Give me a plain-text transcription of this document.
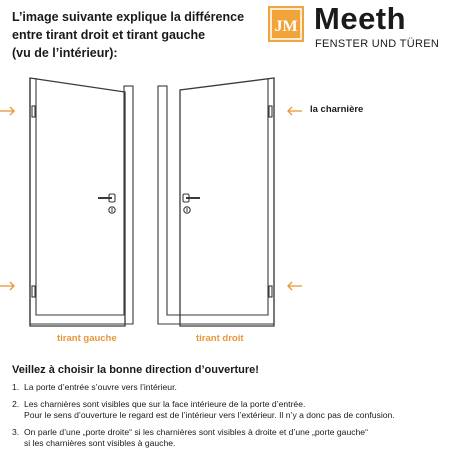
L’image suivante explique la différence
entre tirant droit et tirant gauche
(vu de l’intérieur):
JM Meeth
FENSTER UND TÜREN
la charnière
tirant gauche	tirant droit
Veillez à choisir la bonne direction d’ouverture!
1. La porte d’entrée s’ouvre vers l’intérieur.
2. Les charnières sont visibles que sur la face intérieure de la porte d’entrée.
Pour le sens d’ouverture le regard est de l’intérieur vers l’extérieur. Il n’y a donc pas de confusion.
3. On parle d’une „porte droite“ si les charnières sont visibles à droite et d’une „porte gauche“
si les charnières sont visibles à gauche.
